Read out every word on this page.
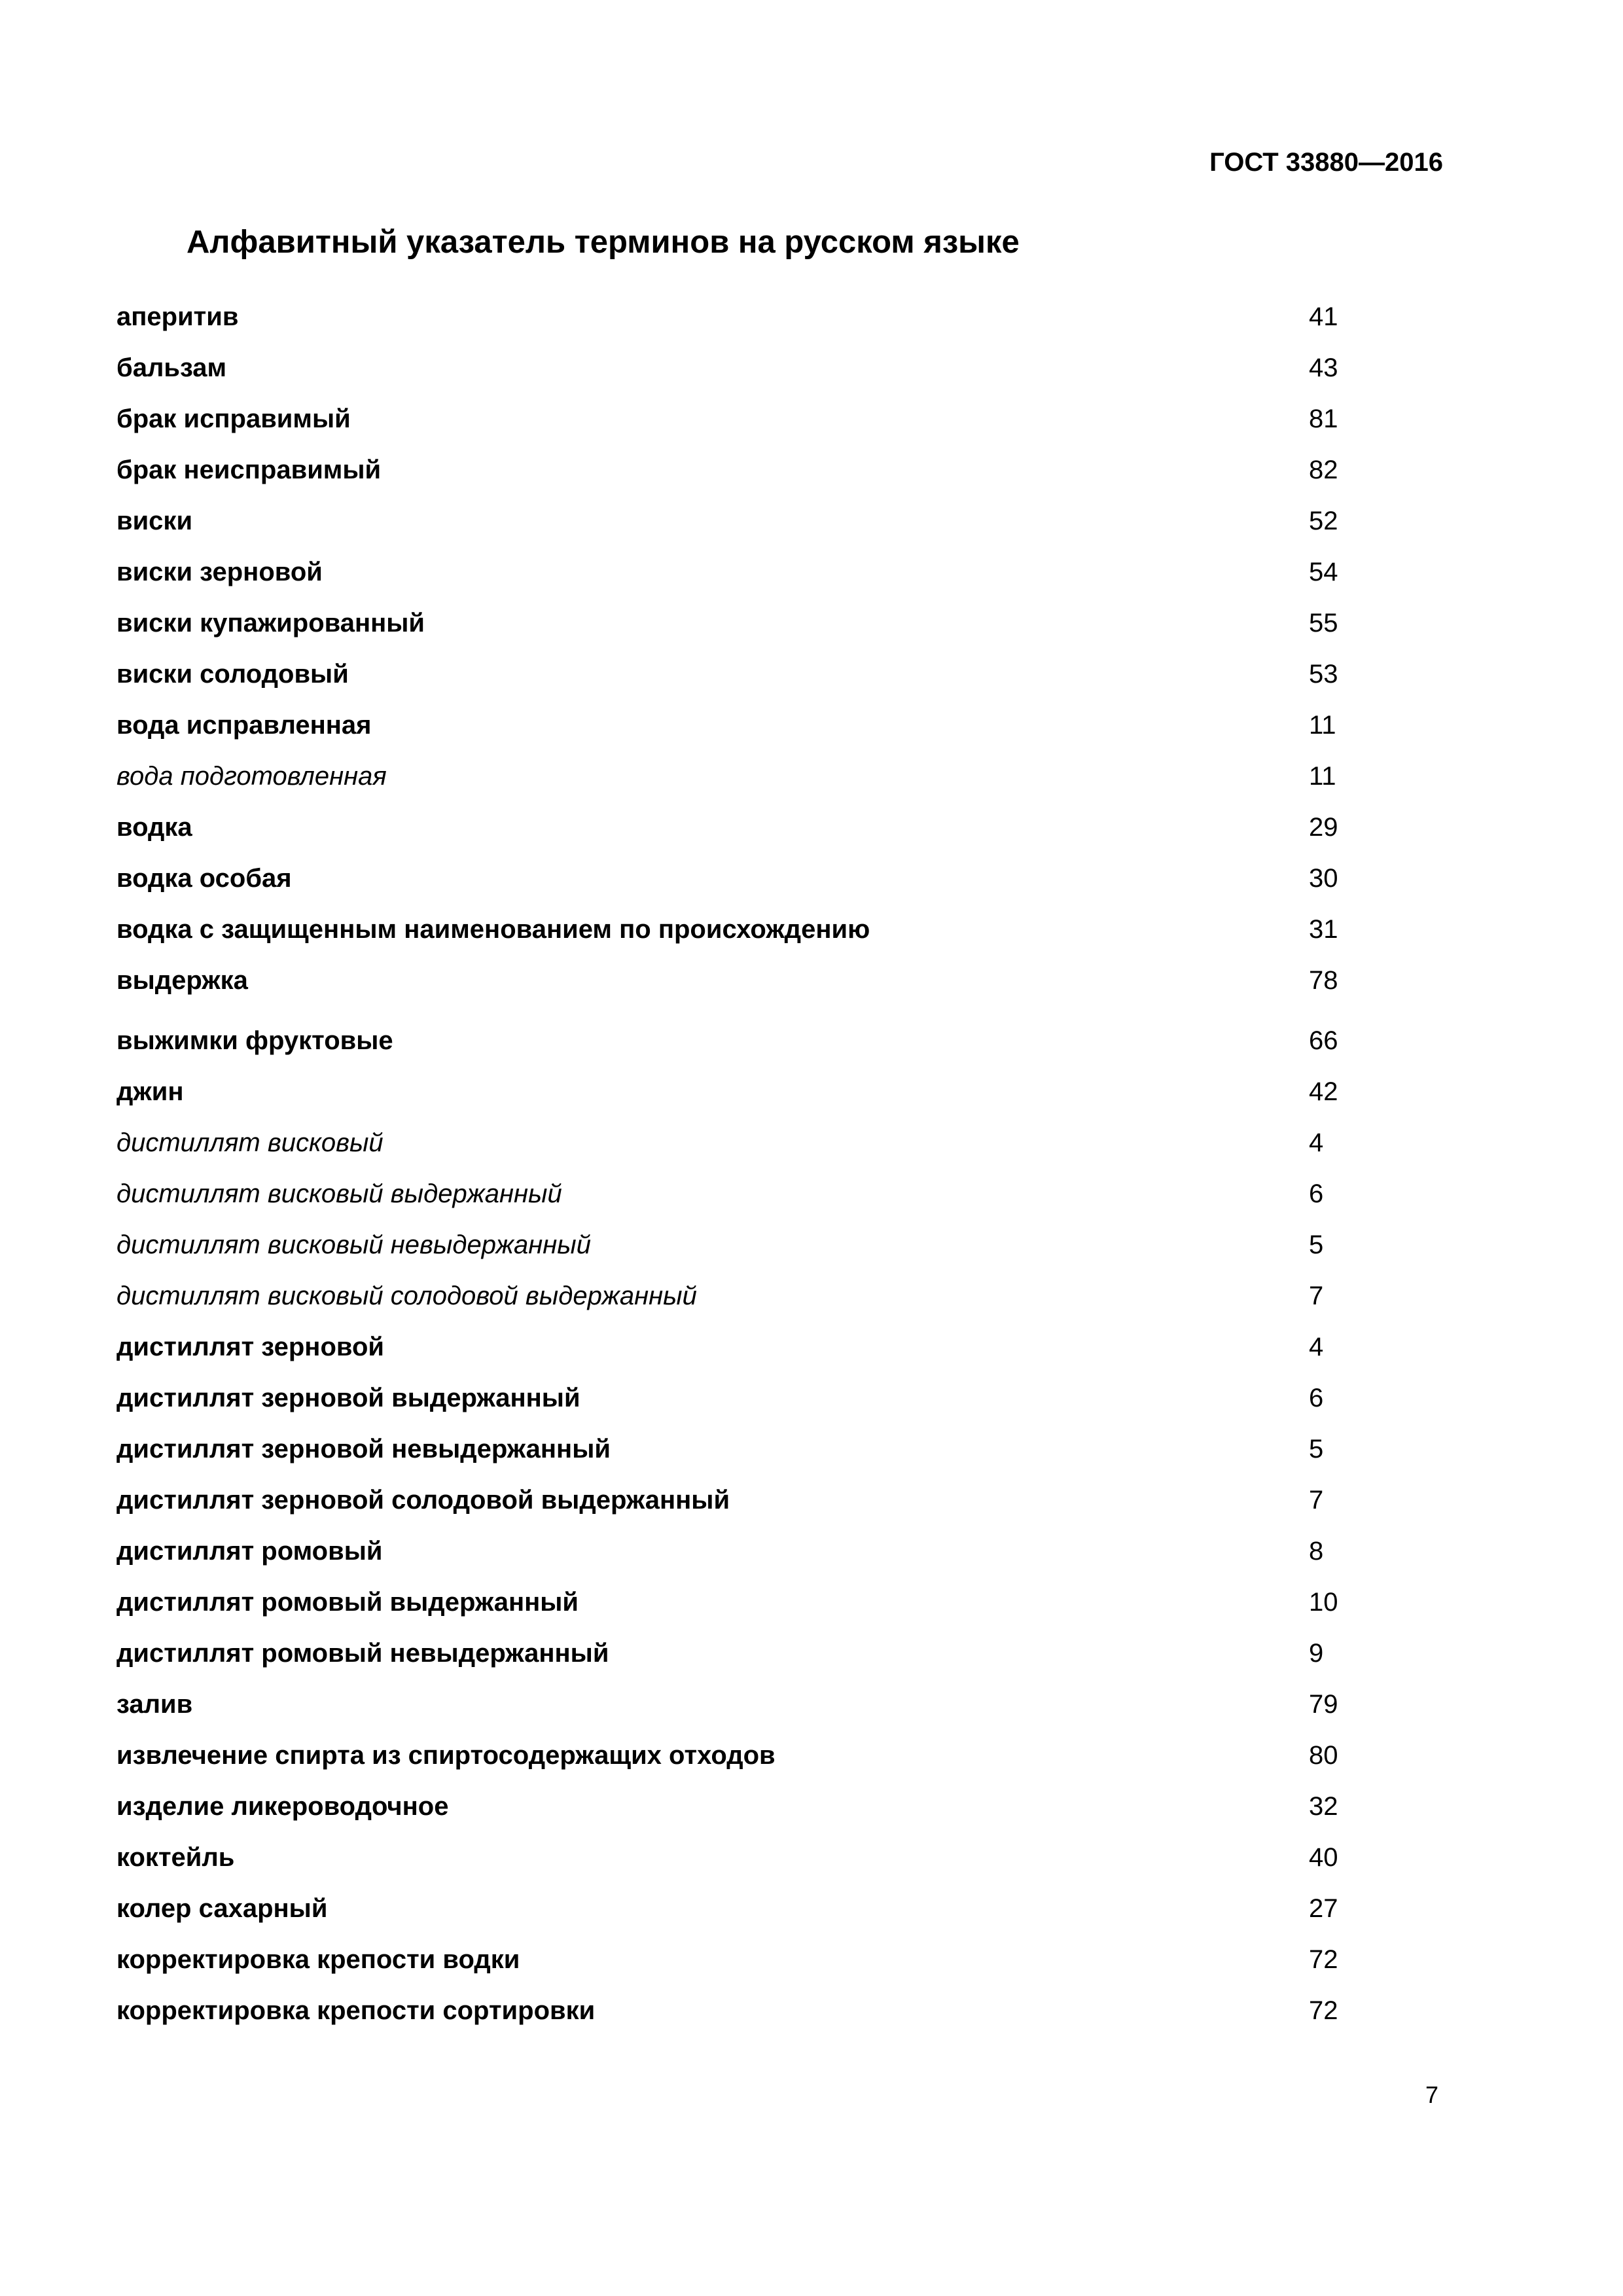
ГОСТ 33880—2016
Алфавитный указатель терминов на русском языке
аперитив	41
бальзам	43
брак исправимый	81
брак неисправимый	82
виски	52
виски зерновой	54
виски купажированный	55
виски солодовый	53
вода исправленная	11
вода подготовленная	11
водка	29
водка особая	30
водка с защищенным наименованием по происхождению	31
выдержка	78
выжимки фруктовые	66
джин	42
дистиллят висковый	4
дистиллят висковый выдержанный	6
дистиллят висковый невыдержанный	5
дистиллят висковый солодовой выдержанный	7
дистиллят зерновой	4
дистиллят зерновой выдержанный	6
дистиллят зерновой невыдержанный	5
дистиллят зерновой солодовой выдержанный	7
дистиллят ромовый	8
дистиллят ромовый выдержанный	10
дистиллят ромовый невыдержанный	9
залив	79
извлечение спирта из спиртосодержащих отходов	80
изделие ликероводочное	32
коктейль	40
колер сахарный	27
корректировка крепости водки	72
корректировка крепости сортировки	72
7
